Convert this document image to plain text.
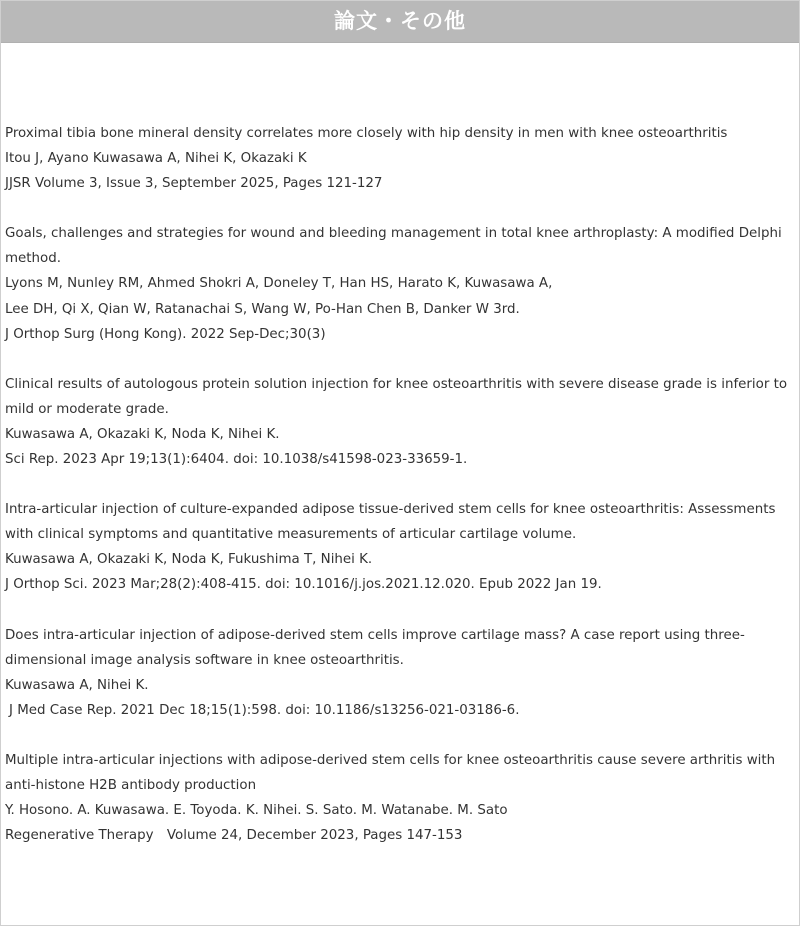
論文・その他
Proximal tibia bone mineral density correlates more closely with hip density in men with knee osteoarthritis
Itou J, Ayano Kuwasawa A, Nihei K, Okazaki K
JJSR Volume 3, Issue 3, September 2025, Pages 121-127
Goals, challenges and strategies for wound and bleeding management in total knee arthroplasty: A modified Delphi method.
Lyons M, Nunley RM, Ahmed Shokri A, Doneley T, Han HS, Harato K, Kuwasawa A,
Lee DH, Qi X, Qian W, Ratanachai S, Wang W, Po-Han Chen B, Danker W 3rd.
J Orthop Surg (Hong Kong). 2022 Sep-Dec;30(3)
Clinical results of autologous protein solution injection for knee osteoarthritis with severe disease grade is inferior to mild or moderate grade.
Kuwasawa A, Okazaki K, Noda K, Nihei K.
Sci Rep. 2023 Apr 19;13(1):6404. doi: 10.1038/s41598-023-33659-1.
Intra-articular injection of culture-expanded adipose tissue-derived stem cells for knee osteoarthritis: Assessments with clinical symptoms and quantitative measurements of articular cartilage volume.
Kuwasawa A, Okazaki K, Noda K, Fukushima T, Nihei K.
J Orthop Sci. 2023 Mar;28(2):408-415. doi: 10.1016/j.jos.2021.12.020. Epub 2022 Jan 19.
Does intra-articular injection of adipose-derived stem cells improve cartilage mass? A case report using three-dimensional image analysis software in knee osteoarthritis.
Kuwasawa A, Nihei K.
J Med Case Rep. 2021 Dec 18;15(1):598. doi: 10.1186/s13256-021-03186-6.
Multiple intra-articular injections with adipose-derived stem cells for knee osteoarthritis cause severe arthritis with anti-histone H2B antibody production
Y. Hosono. A. Kuwasawa. E. Toyoda. K. Nihei. S. Sato. M. Watanabe. M. Sato
Regenerative Therapy　Volume 24, December 2023, Pages 147-153
